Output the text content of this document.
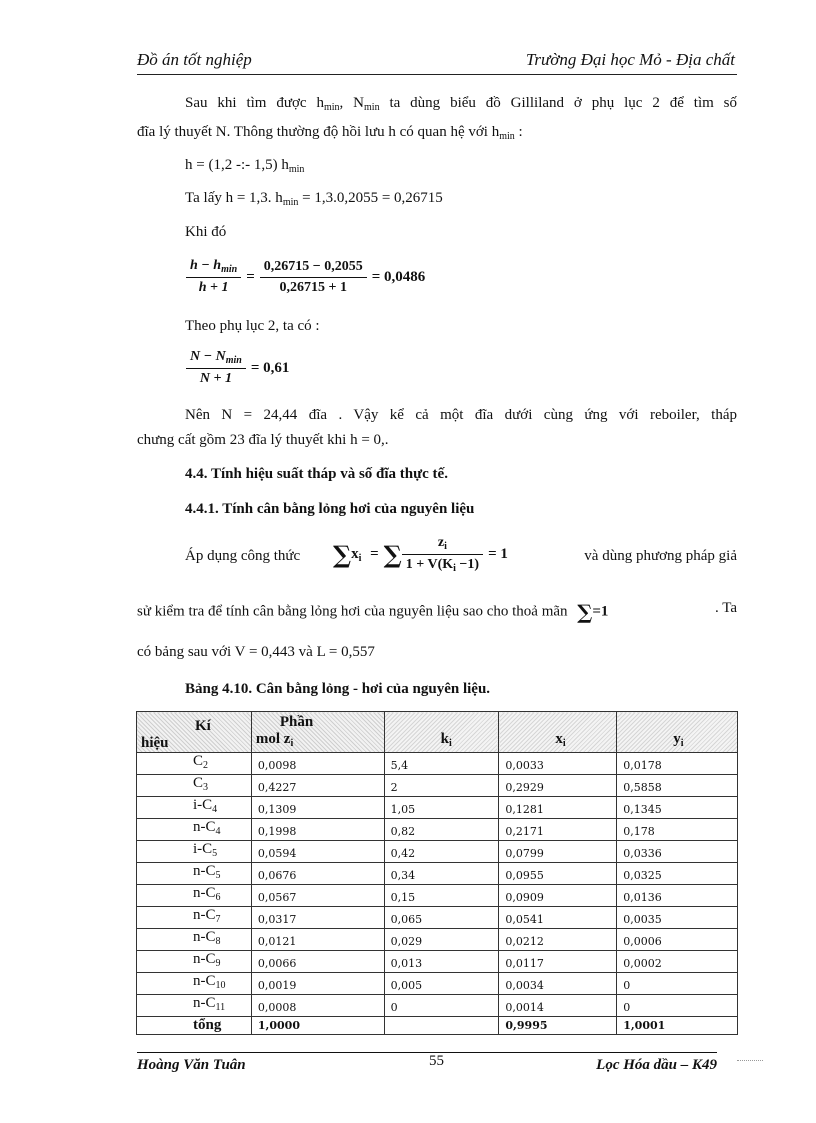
Đồ án tốt nghiệp	Trường Đại học Mỏ - Địa chất
Sau khi tìm được $h_{min}$, $N_{min}$ ta dùng biểu đồ Gilliland ở phụ lục 2 để tìm số
đĩa lý thuyết N. Thông thường độ hồi lưu h có quan hệ với $h_{min}$ :
h = (1,2 -:- 1,5) $h_{min}$
Ta lấy h = 1,3. $h_{min} = 1,3.0,2055 = 0,26715$
Khi đó
$\frac{h - h_{min}}{h + 1} = \frac{0,26715 - 0,2055}{0,26715 + 1} = 0,0486$
Theo phụ lục 2, ta có :
$\frac{N - N_{min}}{N + 1} = 0,61$
Nên N = 24,44 đĩa . Vậy kể cả một đĩa dưới cùng ứng với reboiler, tháp
chưng cất gồm 23 đĩa lý thuyết khi h = 0,.
4.4. Tính hiệu suất tháp và số đĩa thực tế.
4.4.1. Tính cân bằng lỏng hơi của nguyên liệu
Áp dụng công thức $\sum x_i$ = ∑ $\frac{z_i}{1 + V(K_i -1)} = 1$	và dùng phương pháp giả
sử kiểm tra để tính cân bằng lỏng hơi của nguyên liệu sao cho thoả mãn ∑=1	. Ta
có bảng sau với V = 0,443 và L = 0,557
Bảng 4.10. Cân bằng lỏng - hơi của nguyên liệu.
Kí
hiệu	Phần
mol $z_i$	$k_i$	$x_i$	$y_i$
$C_2$	0,0098	5,4	0,0033	0,0178
$C_3$	0,4227	2	0,2929	0,5858
$i-C_4$	0,1309	1,05	0,1281	0,1345
$n-C_4$	0,1998	0,82	0,2171	0,178
$i-C_5$	0,0594	0,42	0,0799	0,0336
$n-C_5$	0,0676	0,34	0,0955	0,0325
$n-C_6$	0,0567	0,15	0,0909	0,0136
$n-C_7$	0,0317	0,065	0,0541	0,0035
$n-C_8$	0,0121	0,029	0,0212	0,0006
$n-C_9$	0,0066	0,013	0,0117	0,0002
$n-C_{10}$	0,0019	0,005	0,0034	0
$n-C_{11}$	0,0008	0	0,0014	0
tổng	1,0000		0,9995	1,0001
Hoàng Văn Tuân	55	Lọc Hóa dầu – K49
